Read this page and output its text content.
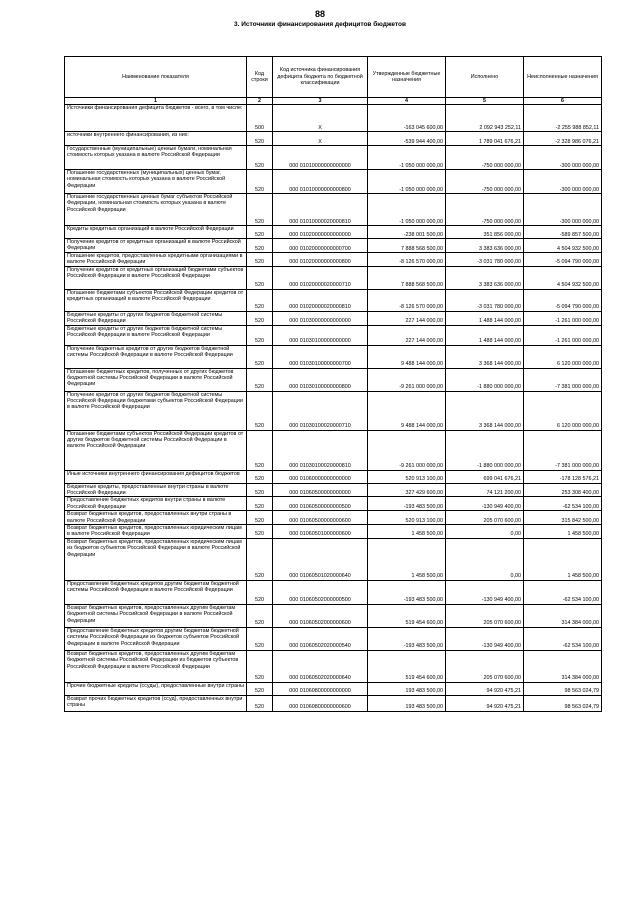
88
3. Источники финансирования дефицитов бюджетов
Наименование показателя	Код строки	Код источника финансирования дефицита бюджета по бюджетной классификации	Утвержденные бюджетные назначения	Исполнено	Неисполненные назначения
1	2	3	4	5	6
Источники финансирования дефицита бюджетов - всего, в том числе:	500	X	-163 045 600,00	2 092 943 252,11	-2 255 988 852,11
источники внутреннего финансирования, из них:	520	X	-539 944 400,00	1 789 041 676,21	-2 328 986 076,21
Государственные (муниципальные) ценные бумаги, номинальная стоимость которых указана в валюте Российской Федерации	520	000 01010000000000000	-1 050 000 000,00	-750 000 000,00	-300 000 000,00
Погашение государственных (муниципальных) ценных бумаг, номинальная стоимость которых указана в валюте Российской Федерации	520	000 01010000000000800	-1 050 000 000,00	-750 000 000,00	-300 000 000,00
Погашение государственных ценных бумаг субъектов Российской Федерации, номинальная стоимость которых указана в валюте Российской Федерации	520	000 01010000020000810	-1 050 000 000,00	-750 000 000,00	-300 000 000,00
Кредиты кредитных организаций в валюте Российской Федерации	520	000 01020000000000000	-238 001 500,00	351 856 000,00	-589 857 500,00
Получение кредитов от кредитных организаций в валюте Российской Федерации	520	000 01020000000000700	7 888 568 500,00	3 383 636 000,00	4 504 932 500,00
Погашение кредитов, предоставленных кредитными организациями в валюте Российской Федерации	520	000 01020000000000800	-8 126 570 000,00	-3 031 780 000,00	-5 094 790 000,00
Получение кредитов от кредитных организаций бюджетами субъектов Российской Федерации в валюте Российской Федерации	520	000 01020000020000710	7 888 568 500,00	3 383 636 000,00	4 504 932 500,00
Погашение бюджетами субъектов Российской Федерации кредитов от кредитных организаций в валюте Российской Федерации	520	000 01020000020000810	-8 126 570 000,00	-3 031 780 000,00	-5 094 790 000,00
Бюджетные кредиты от других бюджетов бюджетной системы Российской Федерации	520	000 01030000000000000	227 144 000,00	1 488 144 000,00	-1 261 000 000,00
Бюджетные кредиты от других бюджетов бюджетной системы Российской Федерации в валюте Российской Федерации	520	000 01030100000000000	227 144 000,00	1 488 144 000,00	-1 261 000 000,00
Получение бюджетных кредитов от других бюджетов бюджетной системы Российской Федерации в валюте Российской Федерации	520	000 01030100000000700	9 488 144 000,00	3 368 144 000,00	6 120 000 000,00
Погашение бюджетных кредитов, полученных от других бюджетов бюджетной системы Российской Федерации в валюте Российской Федерации	520	000 01030100000000800	-9 261 000 000,00	-1 880 000 000,00	-7 381 000 000,00
Получение кредитов от других бюджетов бюджетной системы Российской Федерации бюджетами субъектов Российской Федерации в валюте Российской Федерации	520	000 01030100020000710	9 488 144 000,00	3 368 144 000,00	6 120 000 000,00
Погашение бюджетами субъектов Российской Федерации кредитов от других бюджетов бюджетной системы Российской Федерации в валюте Российской Федерации	520	000 01030100020000810	-9 261 000 000,00	-1 880 000 000,00	-7 381 000 000,00
Иные источники внутреннего финансирования дефицитов бюджетов	520	000 01060000000000000	520 913 100,00	699 041 676,21	-178 128 576,21
Бюджетные кредиты, предоставленные внутри страны в валюте Российской Федерации	520	000 01060500000000000	327 429 600,00	74 121 200,00	253 308 400,00
Предоставление бюджетных кредитов внутри страны в валюте Российской Федерации	520	000 01060500000000500	-193 483 500,00	-130 949 400,00	-62 534 100,00
Возврат бюджетных кредитов, предоставленных внутри страны в валюте Российской Федерации	520	000 01060500000000600	520 913 100,00	205 070 600,00	315 842 500,00
Возврат бюджетных кредитов, предоставленных юридическим лицам в валюте Российской Федерации	520	000 01060501000000600	1 458 500,00	0,00	1 458 500,00
Возврат бюджетных кредитов, предоставленных юридическим лицам из бюджетов субъектов Российской Федерации в валюте Российской Федерации	520	000 01060501020000640	1 458 500,00	0,00	1 458 500,00
Предоставление бюджетных кредитов другим бюджетам бюджетной системы Российской Федерации в валюте Российской Федерации	520	000 01060502000000500	-193 483 500,00	-130 949 400,00	-62 534 100,00
Возврат бюджетных кредитов, предоставленных другим бюджетам бюджетной системы Российской Федерации в валюте Российской Федерации	520	000 01060502000000600	519 454 600,00	205 070 600,00	314 384 000,00
Предоставление бюджетных кредитов другим бюджетам бюджетной системы Российской Федерации из бюджетов субъектов Российской Федерации в валюте Российской Федерации	520	000 01060502020000540	-193 483 500,00	-130 949 400,00	-62 534 100,00
Возврат бюджетных кредитов, предоставленных другим бюджетам бюджетной системы Российской Федерации из бюджетов субъектов Российской Федерации в валюте Российской Федерации	520	000 01060502020000640	519 454 600,00	205 070 600,00	314 384 000,00
Прочие бюджетные кредиты (ссуды), предоставленные внутри страны	520	000 01060800000000000	193 483 500,00	94 920 475,21	98 563 024,79
Возврат прочих бюджетных кредитов (ссуд), предоставленных внутри страны	520	000 01060800000000600	193 483 500,00	94 920 475,21	98 563 024,79
